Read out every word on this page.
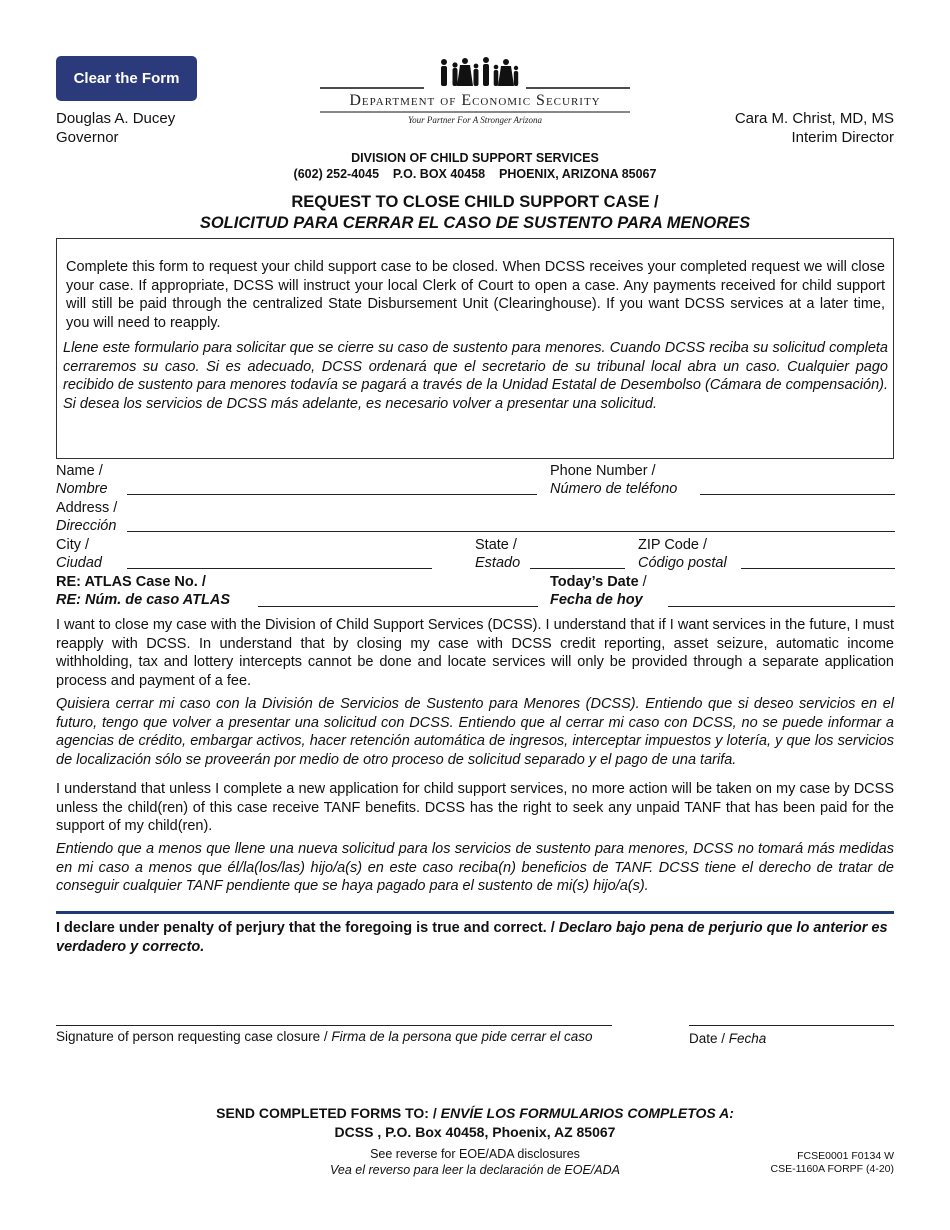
Clear the Form
Douglas A. Ducey
Governor
Department of Economic Security
Your Partner For A Stronger Arizona	Cara M. Christ, MD, MS
Interim Director
DIVISION OF CHILD SUPPORT SERVICES
(602) 252-4045    P.O. BOX 40458    PHOENIX, ARIZONA 85067
REQUEST TO CLOSE CHILD SUPPORT CASE /
SOLICITUD PARA CERRAR EL CASO DE SUSTENTO PARA MENORES
Complete this form to request your child support case to be closed. When DCSS receives your completed request we will close your case. If appropriate, DCSS will instruct your local Clerk of Court to open a case. Any payments received for child support will still be paid through the centralized State Disbursement Unit (Clearinghouse). If you want DCSS services at a later time, you will need to reapply.
Llene este formulario para solicitar que se cierre su caso de sustento para menores. Cuando DCSS reciba su solicitud completa cerraremos su caso. Si es adecuado, DCSS ordenará que el secretario de su tribunal local abra un caso. Cualquier pago recibido de sustento para menores todavía se pagará a través de la Unidad Estatal de Desembolso (Cámara de compensación). Si desea los servicios de DCSS más adelante, es necesario volver a presentar una solicitud.
Name /
Nombre
Phone Number /
Número de teléfono
Address /
Dirección
City /
Ciudad
State /
Estado
ZIP Code /
Código postal
RE: ATLAS Case No. /
RE: Núm. de caso ATLAS
Today’s Date /
Fecha de hoy
I want to close my case with the Division of Child Support Services (DCSS). I understand that if I want services in the future, I must reapply with DCSS. In understand that by closing my case with DCSS credit reporting, asset seizure, automatic income withholding, tax and lottery intercepts cannot be done and locate services will only be provided through a separate application process and payment of a fee.
Quisiera cerrar mi caso con la División de Servicios de Sustento para Menores (DCSS). Entiendo que si deseo servicios en el futuro, tengo que volver a presentar una solicitud con DCSS. Entiendo que al cerrar mi caso con DCSS, no se puede informar a agencias de crédito, embargar activos, hacer retención automática de ingresos, interceptar impuestos y lotería, y que los servicios de localización sólo se proveerán por medio de otro proceso de solicitud separado y el pago de una tarifa.
I understand that unless I complete a new application for child support services, no more action will be taken on my case by DCSS unless the child(ren) of this case receive TANF benefits. DCSS has the right to seek any unpaid TANF that has been paid for the support of my child(ren).
Entiendo que a menos que llene una nueva solicitud para los servicios de sustento para menores, DCSS no tomará más medidas en mi caso a menos que él/la(los/las) hijo/a(s) en este caso reciba(n) beneficios de TANF. DCSS tiene el derecho de tratar de conseguir cualquier TANF pendiente que se haya pagado para el sustento de mi(s) hijo/a(s).
I declare under penalty of perjury that the foregoing is true and correct. / Declaro bajo pena de perjurio que lo anterior es verdadero y correcto.
Signature of person requesting case closure / Firma de la persona que pide cerrar el caso	Date / Fecha
SEND COMPLETED FORMS TO: / ENVÍE LOS FORMULARIOS COMPLETOS A:
DCSS , P.O. Box 40458, Phoenix, AZ 85067
See reverse for EOE/ADA disclosures
Vea el reverso para leer la declaración de EOE/ADA
FCSE0001 F0134 W
CSE-1160A FORPF (4-20)
